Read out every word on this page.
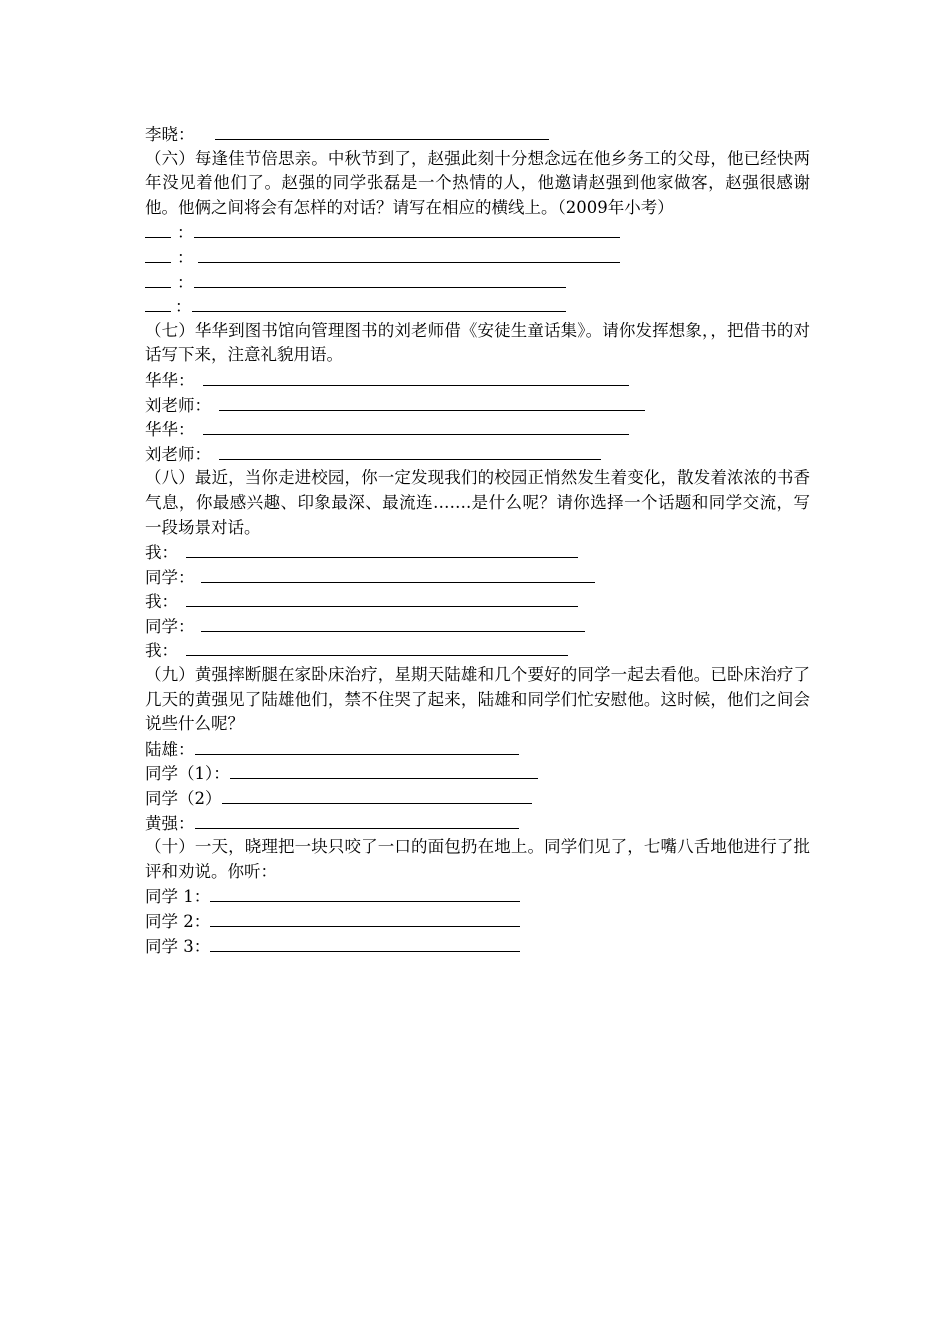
李晓：
（六）每逢佳节倍思亲。中秋节到了，赵强此刻十分想念远在他乡务工的父母，他已经快两年没见着他们了。赵强的同学张磊是一个热情的人，他邀请赵强到他家做客，赵强很感谢他。他俩之间将会有怎样的对话？请写在相应的横线上。（2009年小考）
：
：
：
：
（七）华华到图书馆向管理图书的刘老师借《安徒生童话集》。请你发挥想象，，把借书的对话写下来，注意礼貌用语。
华华：
刘老师：
华华：
刘老师：
（八）最近，当你走进校园，你一定发现我们的校园正悄然发生着变化，散发着浓浓的书香气息，你最感兴趣、印象最深、最流连…….是什么呢？请你选择一个话题和同学交流，写一段场景对话。
我：
同学：
我：
同学：
我：
（九）黄强摔断腿在家卧床治疗，星期天陆雄和几个要好的同学一起去看他。已卧床治疗了几天的黄强见了陆雄他们，禁不住哭了起来，陆雄和同学们忙安慰他。这时候，他们之间会说些什么呢？
陆雄：
同学（1）：
同学（2）
黄强：
（十）一天，晓理把一块只咬了一口的面包扔在地上。同学们见了，七嘴八舌地他进行了批评和劝说。你听：
同学 1：
同学 2：
同学 3：
